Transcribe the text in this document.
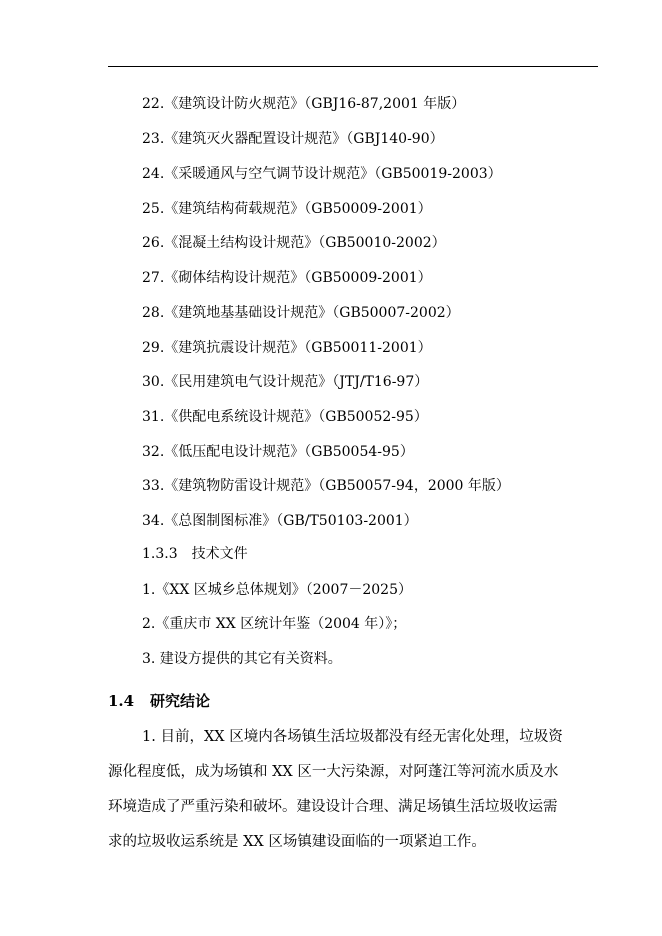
22.《建筑设计防火规范》（GBJ16-87,2001 年版）
23.《建筑灭火器配置设计规范》（GBJ140-90）
24.《采暖通风与空气调节设计规范》（GB50019-2003）
25.《建筑结构荷载规范》（GB50009-2001）
26.《混凝土结构设计规范》（GB50010-2002）
27.《砌体结构设计规范》（GB50009-2001）
28.《建筑地基基础设计规范》（GB50007-2002）
29.《建筑抗震设计规范》（GB50011-2001）
30.《民用建筑电气设计规范》（JTJ/T16-97）
31.《供配电系统设计规范》（GB50052-95）
32.《低压配电设计规范》（GB50054-95）
33.《建筑物防雷设计规范》（GB50057-94，2000 年版）
34.《总图制图标准》（GB/T50103-2001）
1.3.3 技术文件
1.《XX 区城乡总体规划》（2007－2025）
2.《重庆市 XX 区统计年鉴（2004 年）》；
3. 建设方提供的其它有关资料。
1.4 研究结论
1. 目前，XX 区境内各场镇生活垃圾都没有经无害化处理，垃圾资
源化程度低，成为场镇和 XX 区一大污染源，对阿蓬江等河流水质及水
环境造成了严重污染和破坏。建设设计合理、满足场镇生活垃圾收运需
求的垃圾收运系统是 XX 区场镇建设面临的一项紧迫工作。
